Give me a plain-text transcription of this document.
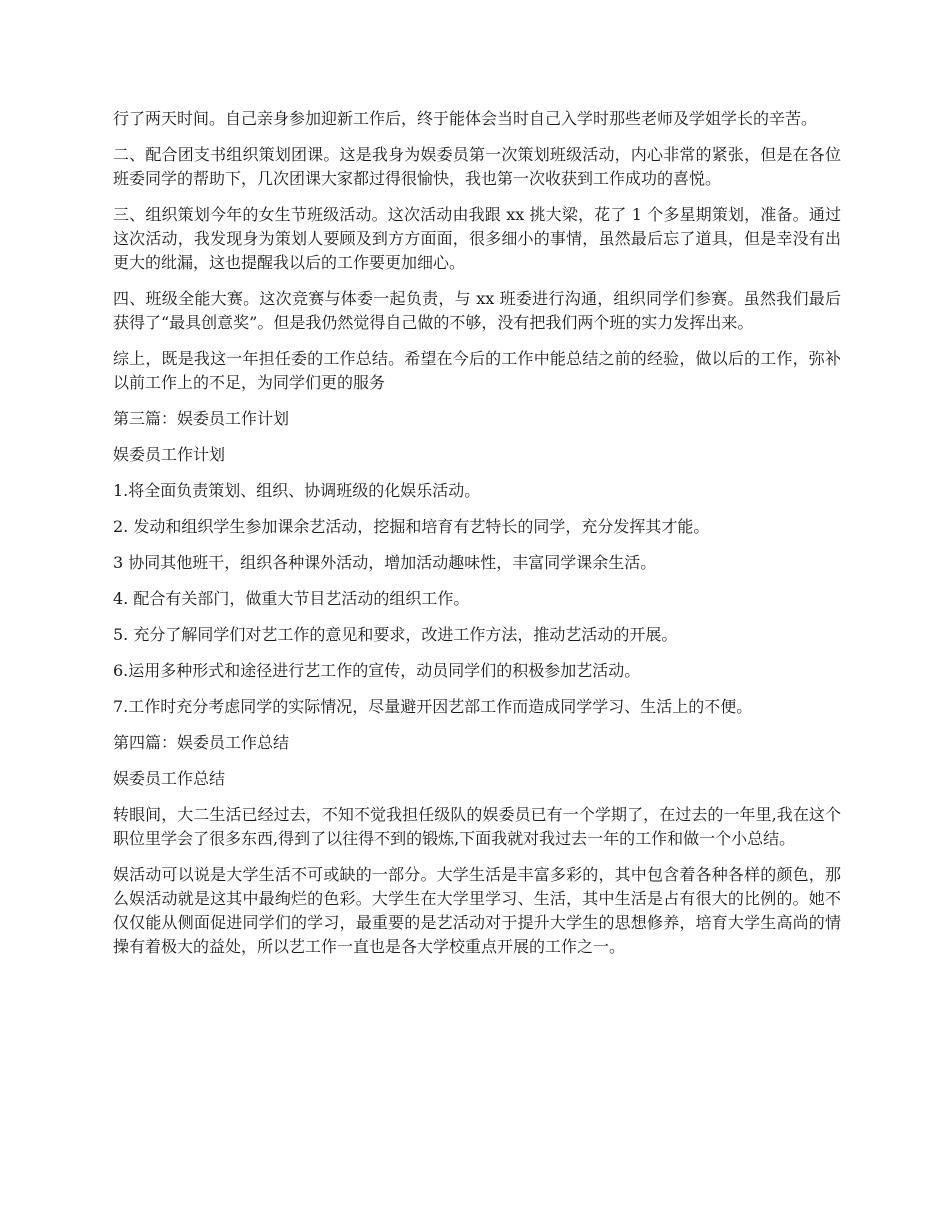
行了两天时间。自己亲身参加迎新工作后，终于能体会当时自己入学时那些老师及学姐学长的辛苦。

二、配合团支书组织策划团课。这是我身为娱委员第一次策划班级活动，内心非常的紧张，但是在各位班委同学的帮助下，几次团课大家都过得很愉快，我也第一次收获到工作成功的喜悦。

三、组织策划今年的女生节班级活动。这次活动由我跟 xx 挑大梁，花了 1 个多星期策划，准备。通过这次活动，我发现身为策划人要顾及到方方面面，很多细小的事情，虽然最后忘了道具，但是幸没有出更大的纰漏，这也提醒我以后的工作要更加细心。

四、班级全能大赛。这次竞赛与体委一起负责，与 xx 班委进行沟通，组织同学们参赛。虽然我们最后获得了“最具创意奖”。但是我仍然觉得自己做的不够，没有把我们两个班的实力发挥出来。

综上，既是我这一年担任委的工作总结。希望在今后的工作中能总结之前的经验，做以后的工作，弥补以前工作上的不足，为同学们更的服务

第三篇：娱委员工作计划

娱委员工作计划

1.将全面负责策划、组织、协调班级的化娱乐活动。

2. 发动和组织学生参加课余艺活动，挖掘和培育有艺特长的同学，充分发挥其才能。

3 协同其他班干，组织各种课外活动，增加活动趣味性，丰富同学课余生活。

4. 配合有关部门，做重大节目艺活动的组织工作。

5. 充分了解同学们对艺工作的意见和要求，改进工作方法，推动艺活动的开展。

6.运用多种形式和途径进行艺工作的宣传，动员同学们的积极参加艺活动。

7.工作时充分考虑同学的实际情况，尽量避开因艺部工作而造成同学学习、生活上的不便。

第四篇：娱委员工作总结

娱委员工作总结

转眼间，大二生活已经过去，不知不觉我担任级队的娱委员已有一个学期了，在过去的一年里,我在这个职位里学会了很多东西,得到了以往得不到的锻炼,下面我就对我过去一年的工作和做一个小总结。

娱活动可以说是大学生活不可或缺的一部分。大学生活是丰富多彩的，其中包含着各种各样的颜色，那么娱活动就是这其中最绚烂的色彩。大学生在大学里学习、生活，其中生活是占有很大的比例的。她不仅仅能从侧面促进同学们的学习，最重要的是艺活动对于提升大学生的思想修养，培育大学生高尚的情操有着极大的益处，所以艺工作一直也是各大学校重点开展的工作之一。
